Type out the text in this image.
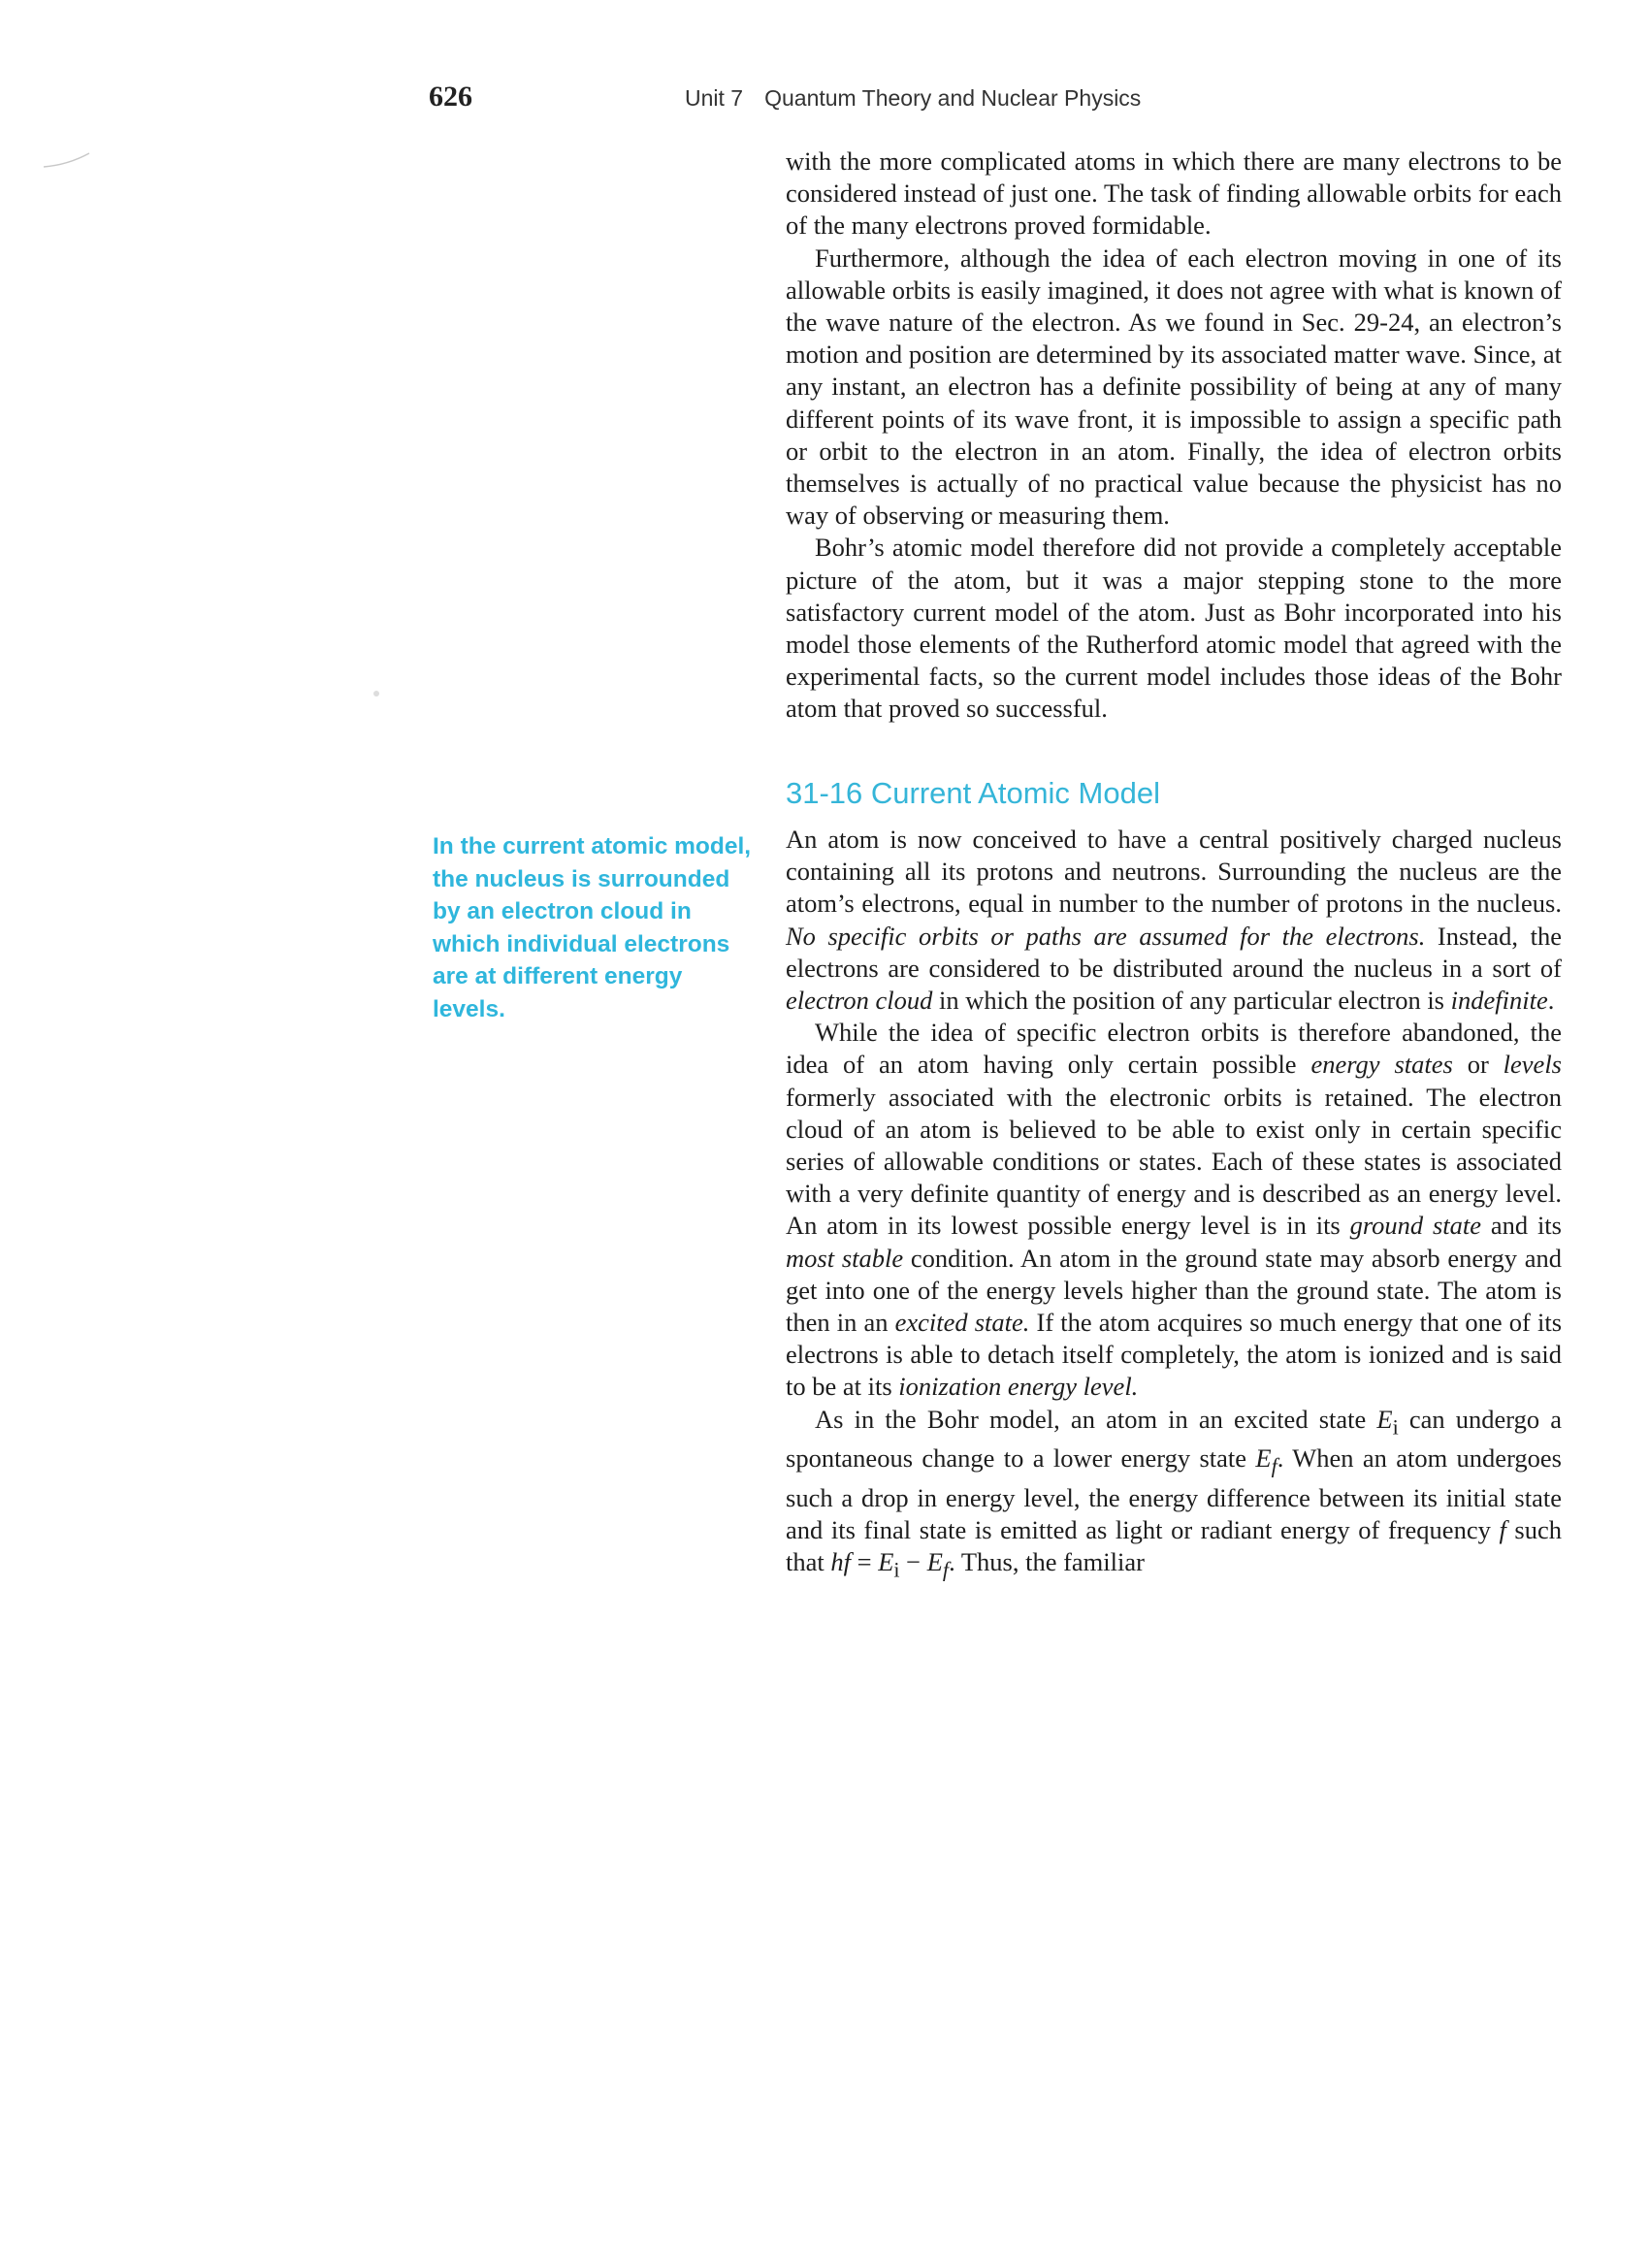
626	Unit 7 Quantum Theory and Nuclear Physics

with the more complicated atoms in which there are many electrons to be considered instead of just one. The task of finding allowable orbits for each of the many electrons proved formidable.

Furthermore, although the idea of each electron moving in one of its allowable orbits is easily imagined, it does not agree with what is known of the wave nature of the electron. As we found in Sec. 29-24, an electron’s motion and position are determined by its associated matter wave. Since, at any instant, an electron has a definite possibility of being at any of many different points of its wave front, it is impossible to assign a specific path or orbit to the electron in an atom. Finally, the idea of electron orbits themselves is actually of no practical value because the physicist has no way of observing or measuring them.

Bohr’s atomic model therefore did not provide a completely acceptable picture of the atom, but it was a major stepping stone to the more satisfactory current model of the atom. Just as Bohr incorporated into his model those elements of the Rutherford atomic model that agreed with the experimental facts, so the current model includes those ideas of the Bohr atom that proved so successful.

31-16 Current Atomic Model
In the current atomic model, the nucleus is surrounded by an electron cloud in which individual electrons are at different energy levels.

An atom is now conceived to have a central positively charged nucleus containing all its protons and neutrons. Surrounding the nucleus are the atom’s electrons, equal in number to the number of protons in the nucleus. No specific orbits or paths are assumed for the electrons. Instead, the electrons are considered to be distributed around the nucleus in a sort of electron cloud in which the position of any particular electron is indefinite.

While the idea of specific electron orbits is therefore abandoned, the idea of an atom having only certain possible energy states or levels formerly associated with the electronic orbits is retained. The electron cloud of an atom is believed to be able to exist only in certain specific series of allowable conditions or states. Each of these states is associated with a very definite quantity of energy and is described as an energy level. An atom in its lowest possible energy level is in its ground state and its most stable condition. An atom in the ground state may absorb energy and get into one of the energy levels higher than the ground state. The atom is then in an excited state. If the atom acquires so much energy that one of its electrons is able to detach itself completely, the atom is ionized and is said to be at its ionization energy level.

As in the Bohr model, an atom in an excited state $E_i$ can undergo a spontaneous change to a lower energy state $E_f$. When an atom undergoes such a drop in energy level, the energy difference between its initial state and its final state is emitted as light or radiant energy of frequency f such that hf = $E_i - E_f$. Thus, the familiar
